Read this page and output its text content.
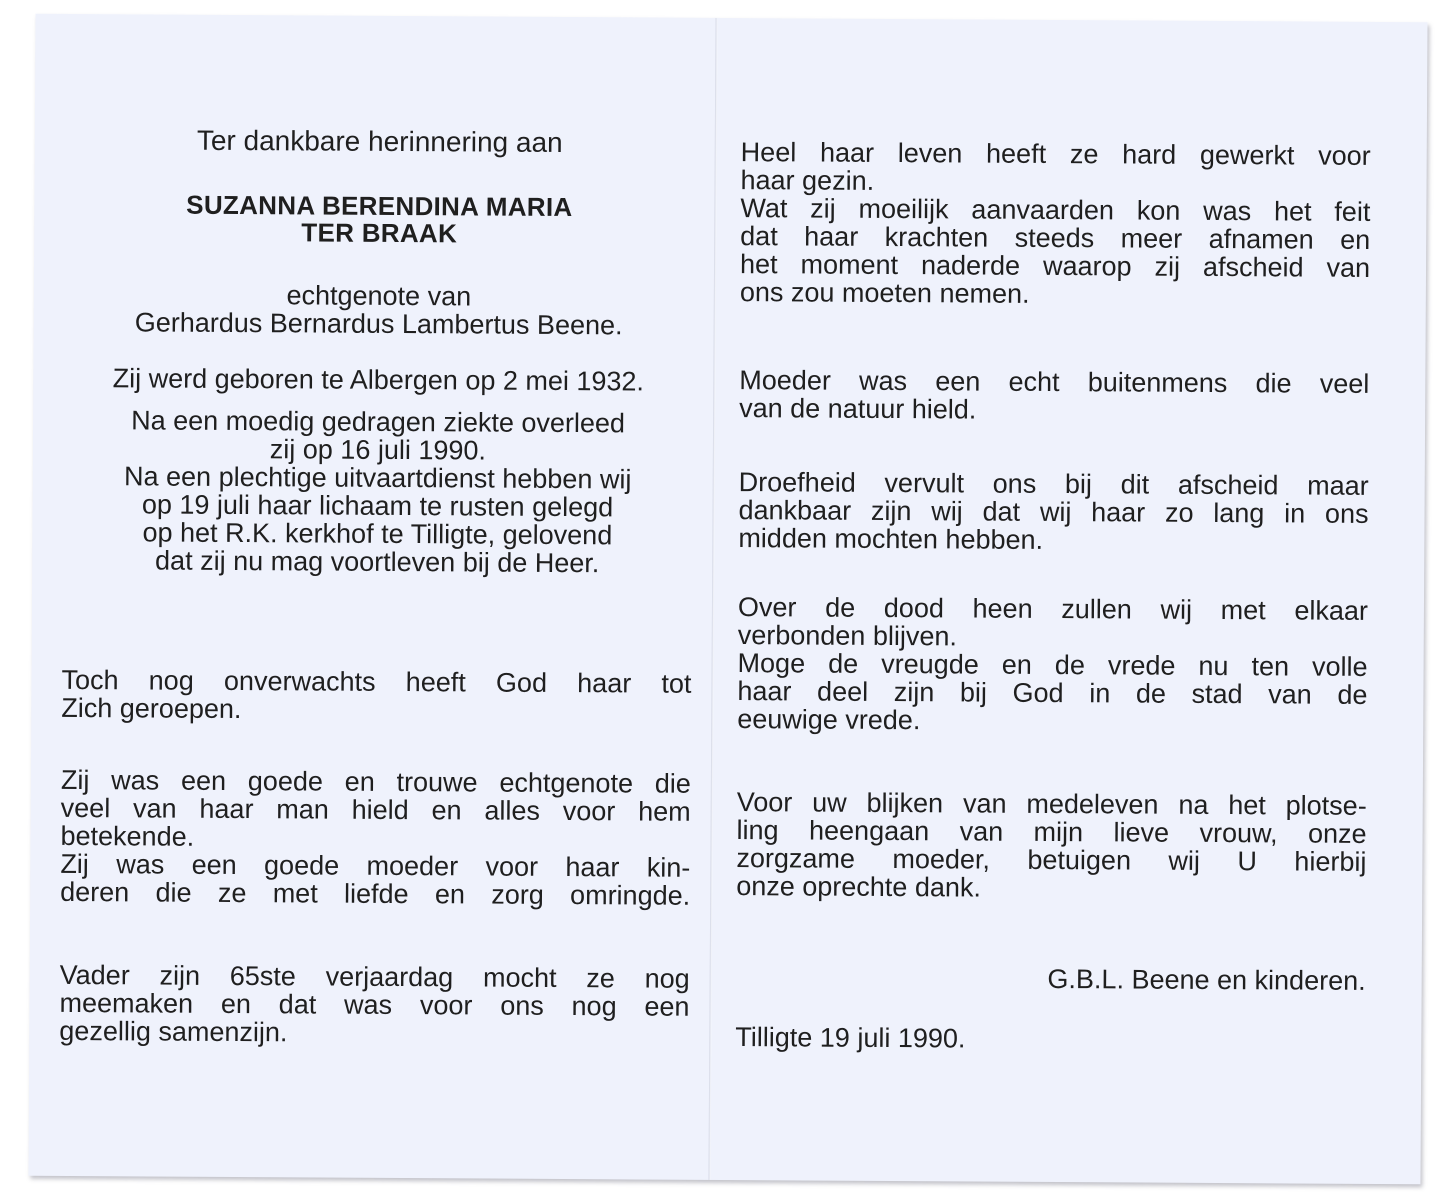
Ter dankbare herinnering aan

SUZANNA BERENDINA MARIA

TER BRAAK

echtgenote van

Gerhardus Bernardus Lambertus Beene.

Zij werd geboren te Albergen op 2 mei 1932.

Na een moedig gedragen ziekte overleed

zij op 16 juli 1990.

Na een plechtige uitvaartdienst hebben wij

op 19 juli haar lichaam te rusten gelegd

op het R.K. kerkhof te Tilligte, gelovend

dat zij nu mag voortleven bij de Heer.

Toch nog onverwachts heeft God haar tot

Zich geroepen.

Zij was een goede en trouwe echtgenote die

veel van haar man hield en alles voor hem

betekende.

Zij was een goede moeder voor haar kin-

deren die ze met liefde en zorg omringde.

Vader zijn 65ste verjaardag mocht ze nog

meemaken en dat was voor ons nog een

gezellig samenzijn.

Heel haar leven heeft ze hard gewerkt voor

haar gezin.

Wat zij moeilijk aanvaarden kon was het feit

dat haar krachten steeds meer afnamen en

het moment naderde waarop zij afscheid van

ons zou moeten nemen.

Moeder was een echt buitenmens die veel

van de natuur hield.

Droefheid vervult ons bij dit afscheid maar

dankbaar zijn wij dat wij haar zo lang in ons

midden mochten hebben.

Over de dood heen zullen wij met elkaar

verbonden blijven.

Moge de vreugde en de vrede nu ten volle

haar deel zijn bij God in de stad van de

eeuwige vrede.

Voor uw blijken van medeleven na het plotse-

ling heengaan van mijn lieve vrouw, onze

zorgzame moeder, betuigen wij U hierbij

onze oprechte dank.

G.B.L. Beene en kinderen.

Tilligte 19 juli 1990.
